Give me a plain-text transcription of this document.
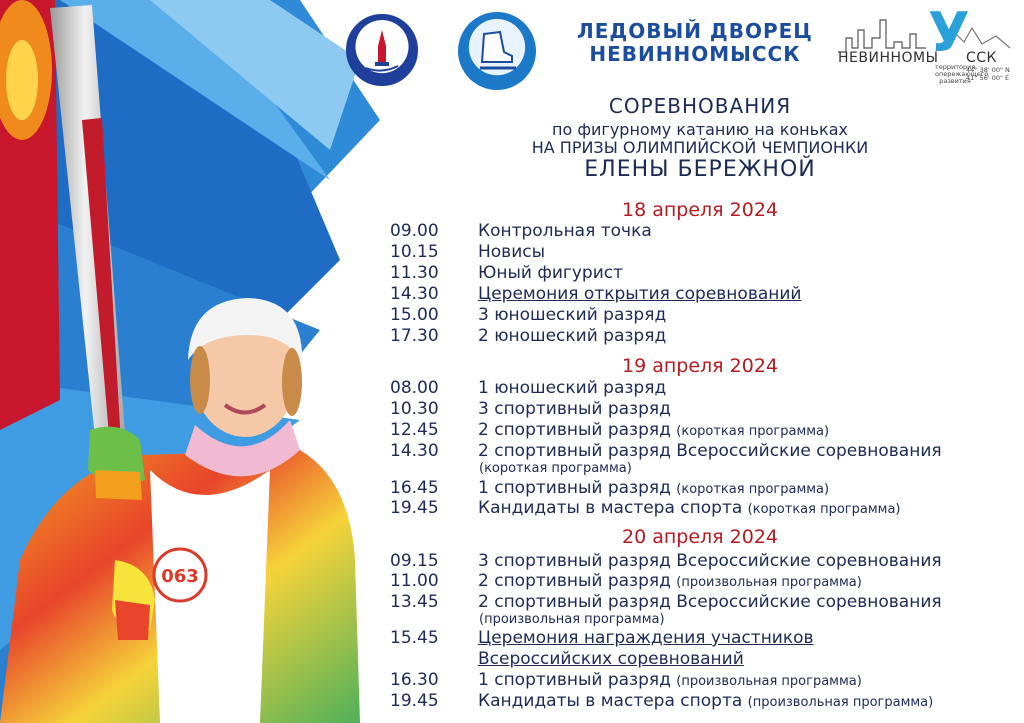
063
ЛЕДОВЫЙ ДВОРЕЦ
НЕВИННОМЫССК	НЕВИННОМЫ
У
ССК
территория опережающего развития
44° 38' 00" N
41° 56' 00" E
СОРЕВНОВАНИЯ
по фигурному катанию на коньках
НА ПРИЗЫ ОЛИМПИЙСКОЙ ЧЕМПИОНКИ
ЕЛЕНЫ БЕРЕЖНОЙ
18 апреля 2024
09.00 Контрольная точка
10.15 Новисы
11.30 Юный фигурист
14.30 Церемония открытия соревнований
15.00 3 юношеский разряд
17.30 2 юношеский разряд
19 апреля 2024
08.00 1 юношеский разряд
10.30 3 спортивный разряд
12.45 2 спортивный разряд (короткая программа)
14.30 2 спортивный разряд Всероссийские соревнования
(короткая программа)
16.45 1 спортивный разряд (короткая программа)
19.45 Кандидаты в мастера спорта (короткая программа)
20 апреля 2024
09.15 3 спортивный разряд Всероссийские соревнования
11.00 2 спортивный разряд (произвольная программа)
13.45 2 спортивный разряд Всероссийские соревнования
(произвольная программа)
15.45 Церемония награждения участников
Всероссийских соревнований
16.30 1 спортивный разряд (произвольная программа)
19.45 Кандидаты в мастера спорта (произвольная программа)
